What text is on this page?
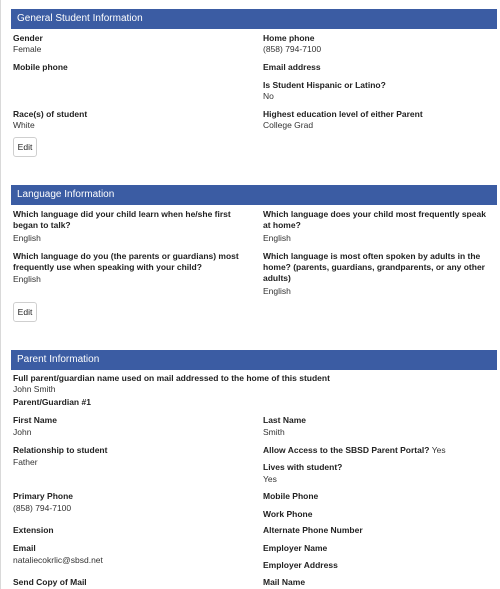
General Student Information
Gender
Female
Home phone
(858) 794-7100
Mobile phone	Email address
Is Student Hispanic or Latino?
No
Race(s) of student
White
Highest education level of either Parent
College Grad
Edit
Language Information
Which language did your child learn when he/she first began to talk?
English
Which language does your child most frequently speak at home?
English
Which language do you (the parents or guardians) most frequently use when speaking with your child?
English
Which language is most often spoken by adults in the home? (parents, guardians, grandparents, or any other adults)
English
Edit
Parent Information
Full parent/guardian name used on mail addressed to the home of this student
John Smith
Parent/Guardian #1
First Name
John
Last Name
Smith
Relationship to student
Father
Allow Access to the SBSD Parent Portal? Yes
Lives with student?
Yes
Primary Phone
(858) 794-7100
Mobile Phone
Work Phone
Extension	Alternate Phone Number
Email
nataliecokrlic@sbsd.net
Employer Name
Employer Address
Send Copy of Mail	Mail Name
